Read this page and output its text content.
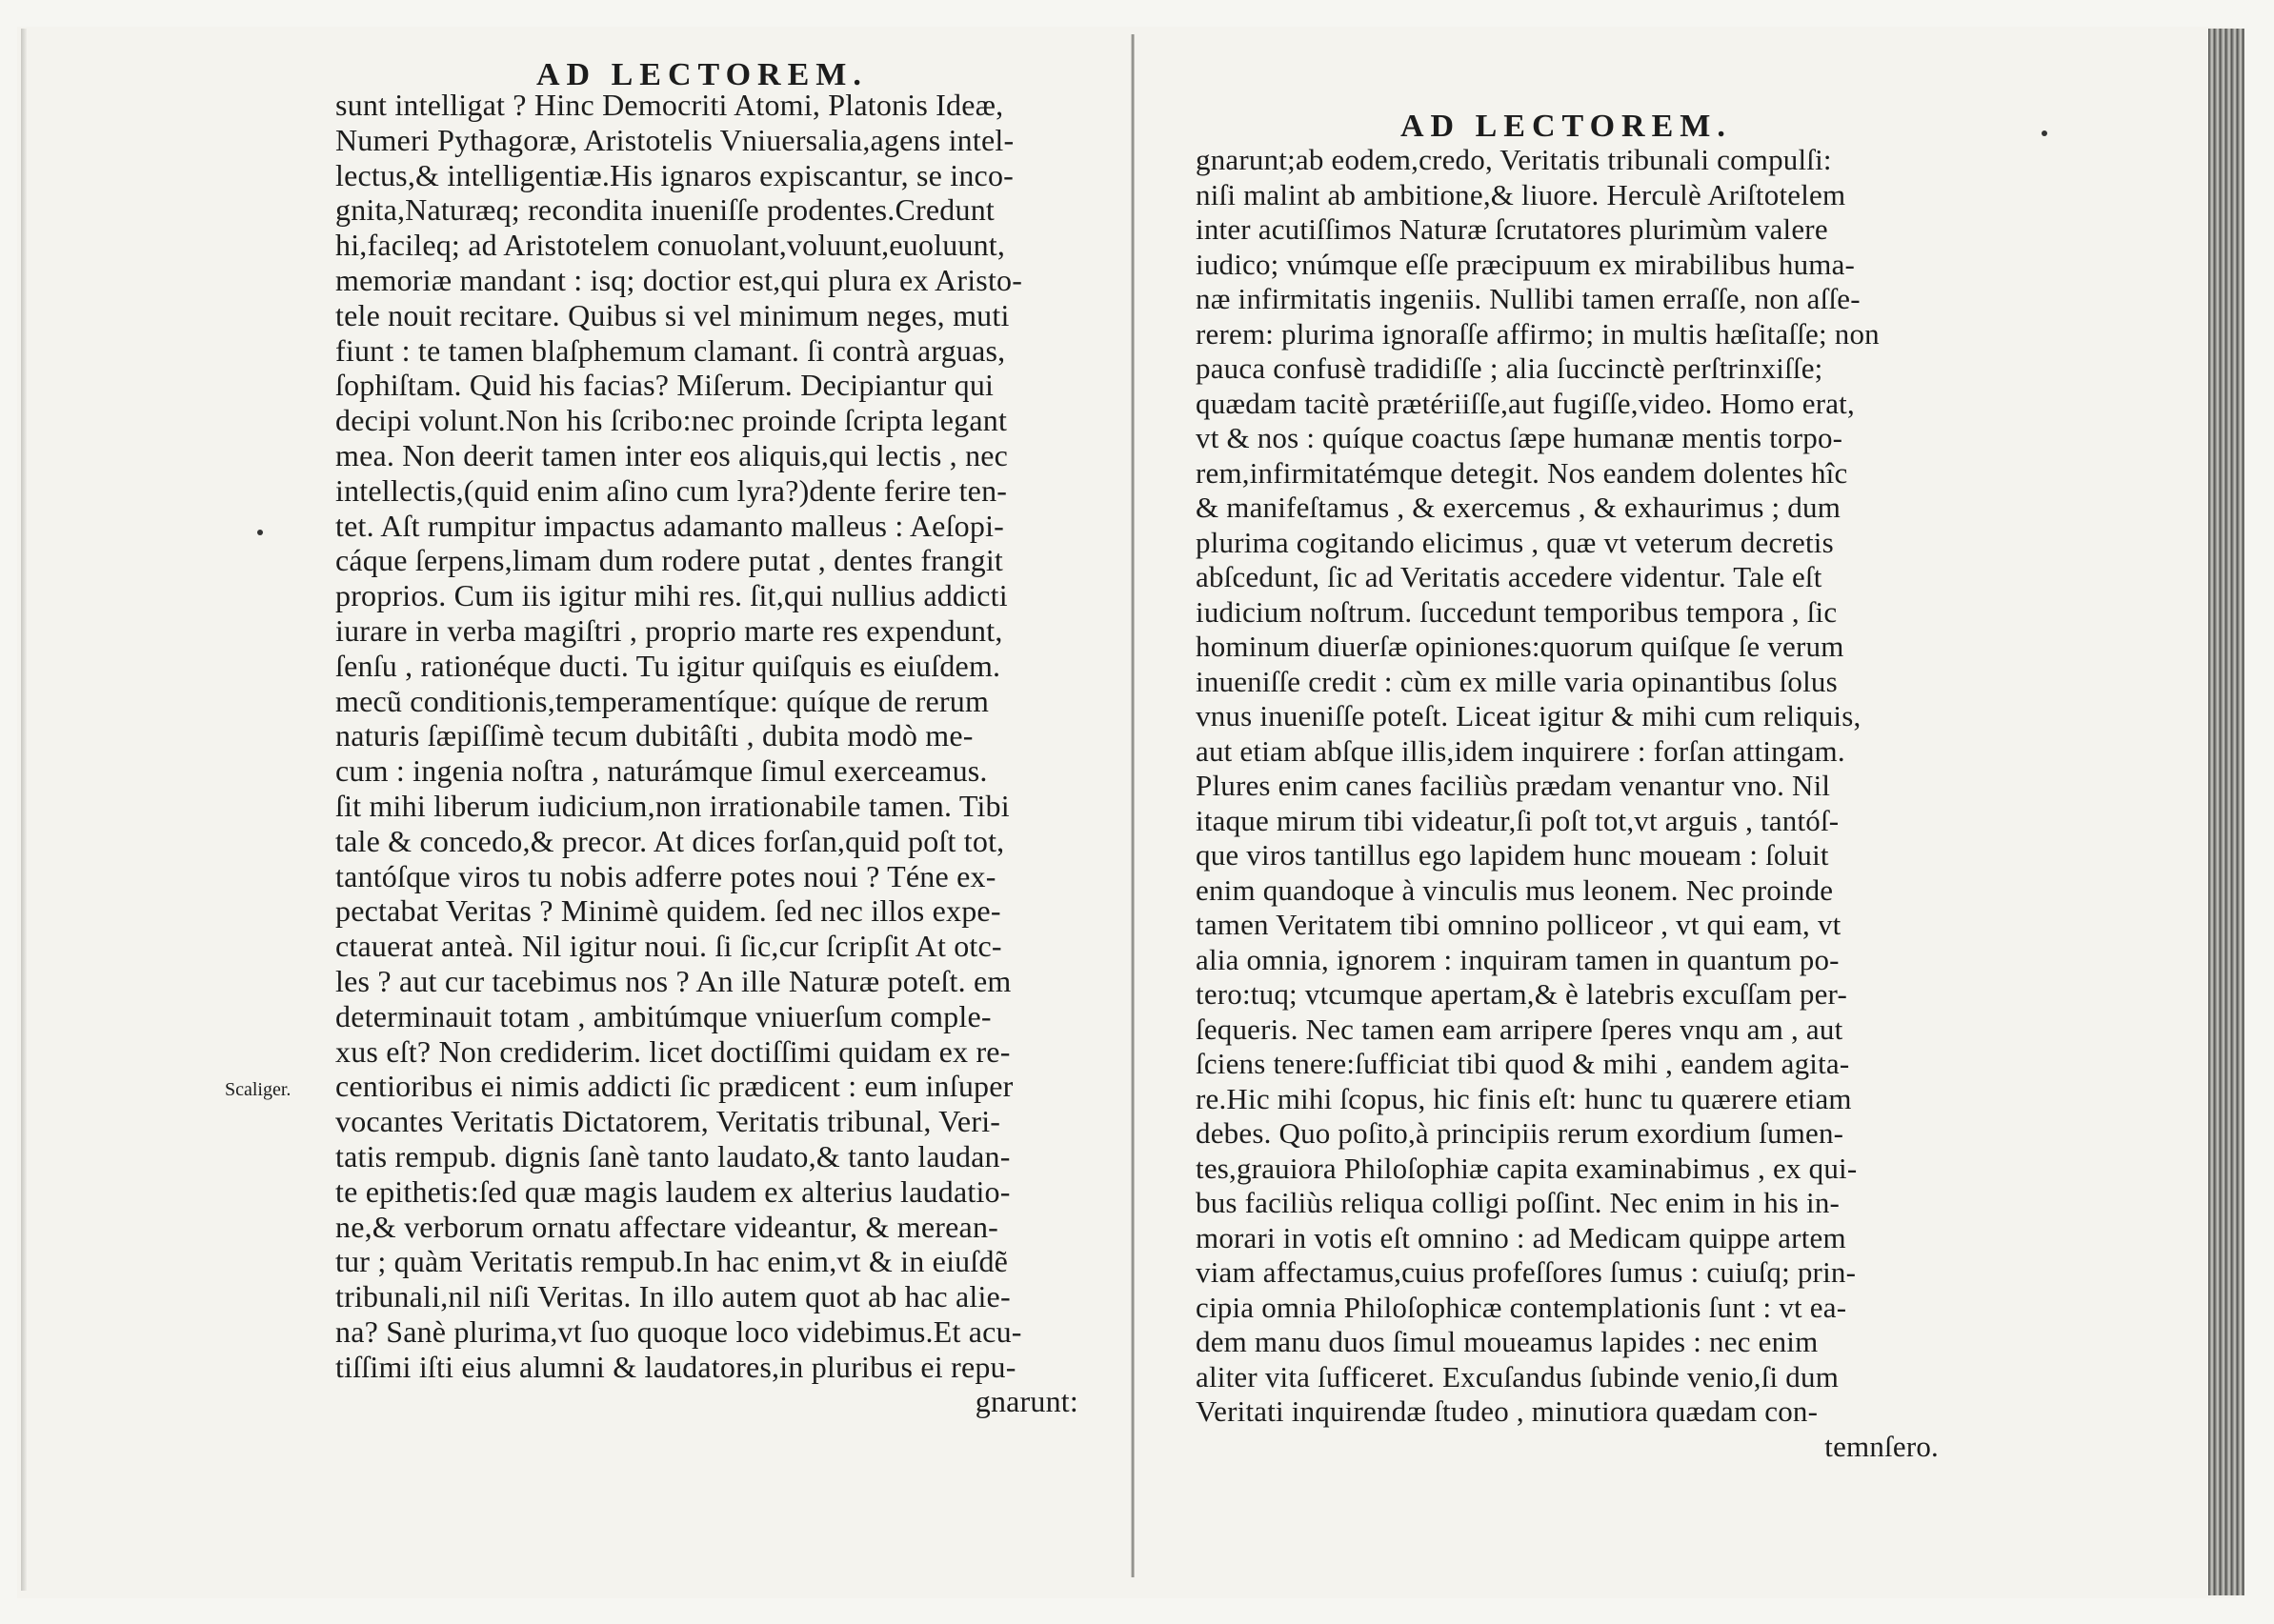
AD LECTOREM.
Scaliger.
sunt intelligat ? Hinc Democriti Atomi, Platonis Ideæ,
Numeri Pythagoræ, Aristotelis Vniuersalia,agens intel-
lectus,& intelligentiæ.His ignaros expiscantur, se inco-
gnita,Naturæq; recondita inueniſſe prodentes.Credunt
hi,facileq; ad Aristotelem conuolant,voluunt,euoluunt,
memoriæ mandant : isq; doctior est,qui plura ex Aristo-
tele nouit recitare. Quibus si vel minimum neges, muti
fiunt : te tamen blaſphemum clamant. ſi contrà arguas,
ſophiſtam. Quid his facias? Miſerum. Decipiantur qui
decipi volunt.Non his ſcribo:nec proinde ſcripta legant
mea. Non deerit tamen inter eos aliquis,qui lectis , nec
intellectis,(quid enim aſino cum lyra?)dente ferire ten-
tet. Aſt rumpitur impactus adamanto malleus : Aeſopi-
cáque ſerpens,limam dum rodere putat , dentes frangit
proprios. Cum iis igitur mihi res. ſit,qui nullius addicti
iurare in verba magiſtri , proprio marte res expendunt,
ſenſu , rationéque ducti. Tu igitur quiſquis es eiuſdem.
mecũ conditionis,temperamentíque: quíque de rerum
naturis ſæpiſſimè tecum dubitâſti , dubita modò me-
cum : ingenia noſtra , naturámque ſimul exerceamus.
ſit mihi liberum iudicium,non irrationabile tamen. Tibi
tale & concedo,& precor. At dices forſan,quid poſt tot,
tantóſque viros tu nobis adferre potes noui ? Téne ex-
pectabat Veritas ? Minimè quidem. ſed nec illos expe-
ctauerat anteà. Nil igitur noui. ſi ſic,cur ſcripſit At otc-
les ? aut cur tacebimus nos ? An ille Naturæ poteſt. em
determinauit totam , ambitúmque vniuerſum comple-
xus eſt? Non crediderim. licet doctiſſimi quidam ex re-
centioribus ei nimis addicti ſic prædicent : eum inſuper
vocantes Veritatis Dictatorem, Veritatis tribunal, Veri-
tatis rempub. dignis ſanè tanto laudato,& tanto laudan-
te epithetis:ſed quæ magis laudem ex alterius laudatio-
ne,& verborum ornatu affectare videantur, & merean-
tur ; quàm Veritatis rempub.In hac enim,vt & in eiuſdẽ
tribunali,nil niſi Veritas. In illo autem quot ab hac alie-
na? Sanè plurima,vt ſuo quoque loco videbimus.Et acu-
tiſſimi iſti eius alumni & laudatores,in pluribus ei repu-
gnarunt:
AD LECTOREM.
gnarunt;ab eodem,credo, Veritatis tribunali compulſi:
niſi malint ab ambitione,& liuore. Herculè Ariſtotelem
inter acutiſſimos Naturæ ſcrutatores plurimùm valere
iudico; vnúmque eſſe præcipuum ex mirabilibus huma-
næ infirmitatis ingeniis. Nullibi tamen erraſſe, non aſſe-
rerem: plurima ignoraſſe affirmo; in multis hæſitaſſe; non
pauca confusè tradidiſſe ; alia ſuccinctè perſtrinxiſſe;
quædam tacitè prætériiſſe,aut fugiſſe,video. Homo erat,
vt & nos : quíque coactus ſæpe humanæ mentis torpo-
rem,infirmitatémque detegit. Nos eandem dolentes hîc
& manifeſtamus , & exercemus , & exhaurimus ; dum
plurima cogitando elicimus , quæ vt veterum decretis
abſcedunt, ſic ad Veritatis accedere videntur. Tale eſt
iudicium noſtrum. ſuccedunt temporibus tempora , ſic
hominum diuerſæ opiniones:quorum quiſque ſe verum
inueniſſe credit : cùm ex mille varia opinantibus ſolus
vnus inueniſſe poteſt. Liceat igitur & mihi cum reliquis,
aut etiam abſque illis,idem inquirere : forſan attingam.
Plures enim canes faciliùs prædam venantur vno. Nil
itaque mirum tibi videatur,ſi poſt tot,vt arguis , tantóſ-
que viros tantillus ego lapidem hunc moueam : ſoluit
enim quandoque à vinculis mus leonem. Nec proinde
tamen Veritatem tibi omnino polliceor , vt qui eam, vt
alia omnia, ignorem : inquiram tamen in quantum po-
tero:tuq; vtcumque apertam,& è latebris excuſſam per-
ſequeris. Nec tamen eam arripere ſperes vnqu am , aut
ſciens tenere:ſufficiat tibi quod & mihi , eandem agita-
re.Hic mihi ſcopus, hic finis eſt: hunc tu quærere etiam
debes. Quo poſito,à principiis rerum exordium ſumen-
tes,grauiora Philoſophiæ capita examinabimus , ex qui-
bus faciliùs reliqua colligi poſſint. Nec enim in his in-
morari in votis eſt omnino : ad Medicam quippe artem
viam affectamus,cuius profeſſores ſumus : cuiuſq; prin-
cipia omnia Philoſophicæ contemplationis ſunt : vt ea-
dem manu duos ſimul moueamus lapides : nec enim
aliter vita ſufficeret. Excuſandus ſubinde venio,ſi dum
Veritati inquirendæ ſtudeo , minutiora quædam con-
temnſero.
